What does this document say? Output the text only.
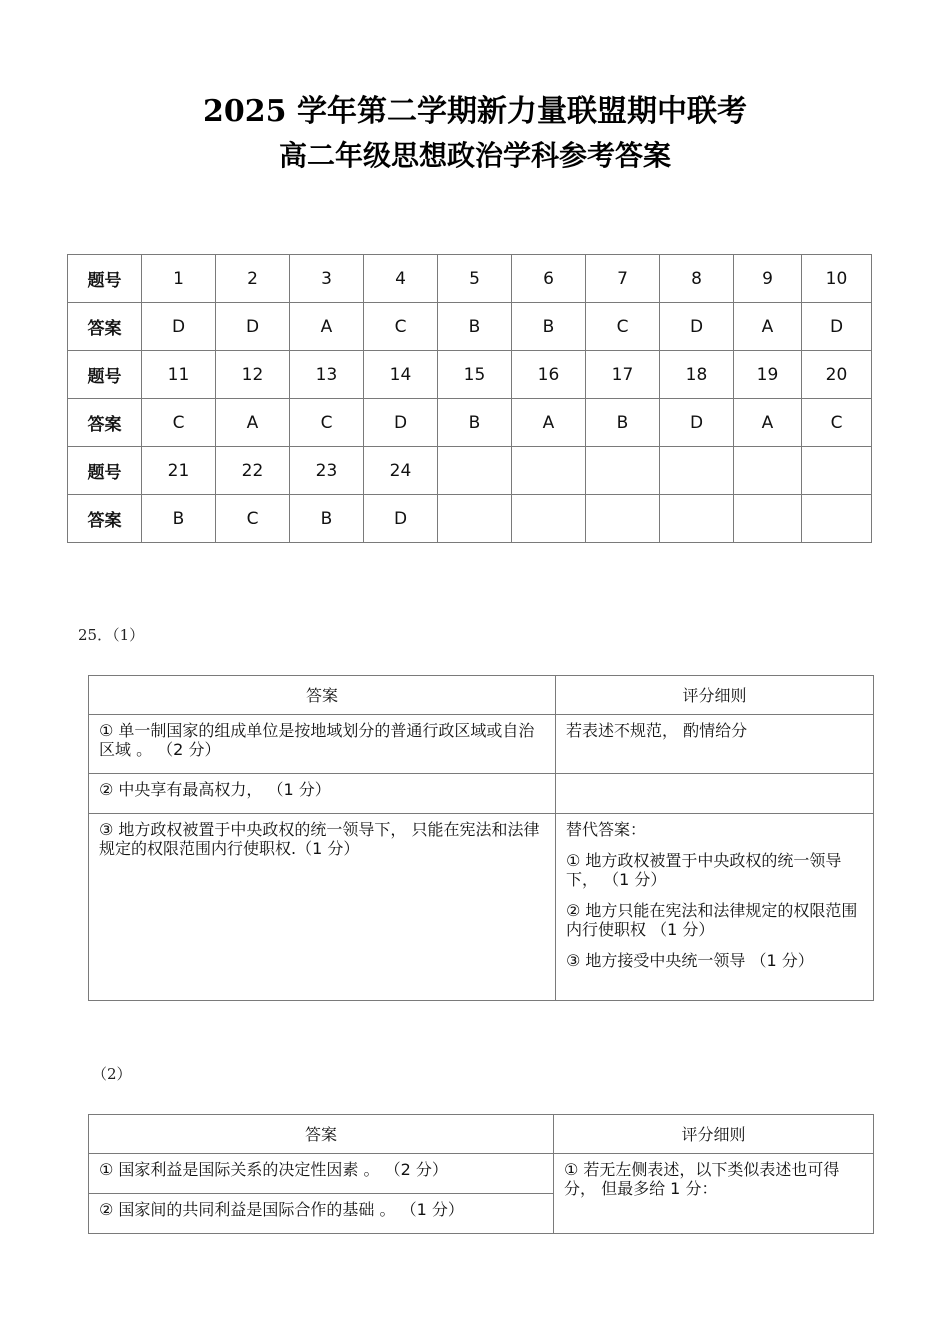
2025 学年第二学期新力量联盟期中联考
高二年级思想政治学科参考答案
题号	1	2	3	4	5	6	7	8	9	10
答案	D	D	A	C	B	B	C	D	A	D
题号	11	12	13	14	15	16	17	18	19	20
答案	C	A	C	D	B	A	B	D	A	C
题号	21	22	23	24						
答案	B	C	B	D						
25．（1）
答案	评分细则
① 单一制国家的组成单位是按地域划分的普通行政区域或自治区域 。 （2 分）	若表述不规范， 酌情给分

② 中央享有最高权力， （1 分）	
③ 地方政权被置于中央政权的统一领导下， 只能在宪法和法律规定的权限范围内行使职权.（1 分）	替代答案：
① 地方政权被置于中央政权的统一领导下， （1 分）
② 地方只能在宪法和法律规定的权限范围内行使职权 （1 分）
③ 地方接受中央统一领导 （1 分）
（2）
答案	评分细则
① 国家利益是国际关系的决定性因素 。 （2 分）	① 若无左侧表述，以下类似表述也可得分， 但最多给 1 分：
② 国家间的共同利益是国际合作的基础 。 （1 分）	
